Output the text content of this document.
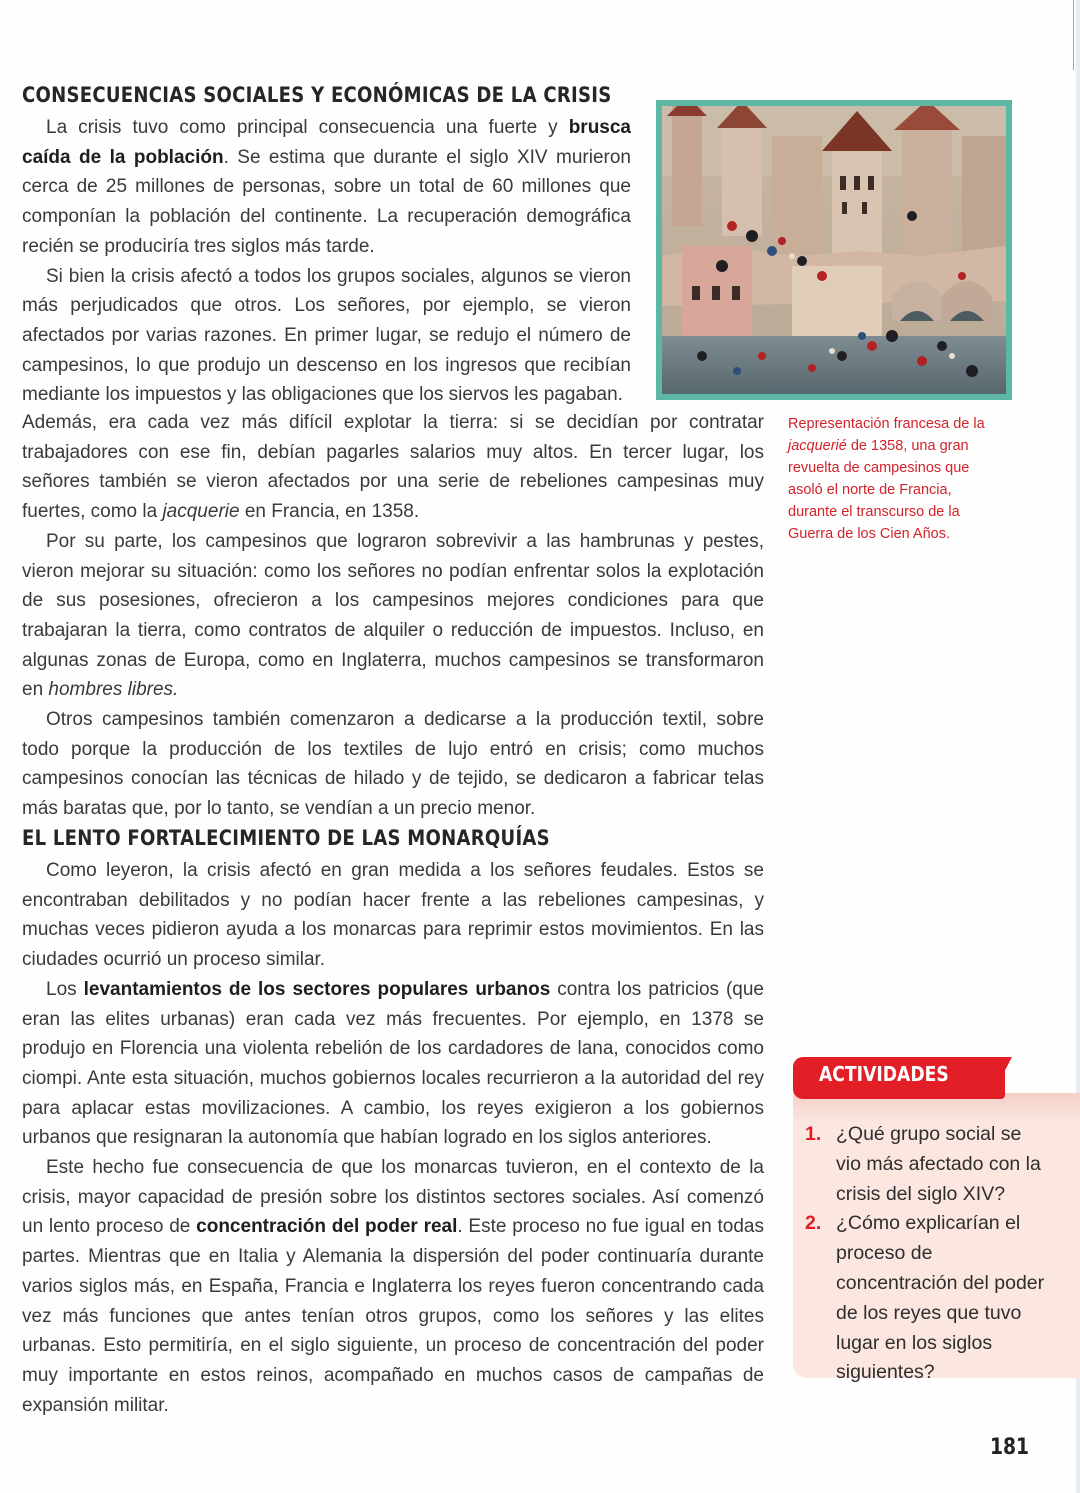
CONSECUENCIAS SOCIALES Y ECONÓMICAS DE LA CRISIS

La crisis tuvo como principal consecuencia una fuerte y brusca caída de la población. Se estima que durante el siglo XIV murieron cerca de 25 millones de personas, sobre un total de 60 millones que componían la población del continente. La recuperación demográfica recién se produciría tres siglos más tarde.

Si bien la crisis afectó a todos los grupos sociales, algunos se vieron más perjudicados que otros. Los señores, por ejemplo, se vieron afectados por varias razones. En primer lugar, se redujo el número de campesinos, lo que produjo un descenso en los ingresos que recibían mediante los impuestos y las obligaciones que los siervos les pagaban.

Además, era cada vez más difícil explotar la tierra: si se decidían por contratar trabajadores con ese fin, debían pagarles salarios muy altos. En tercer lugar, los señores también se vieron afectados por una serie de rebeliones campesinas muy fuertes, como la jacquerie en Francia, en 1358.

Por su parte, los campesinos que lograron sobrevivir a las hambrunas y pestes, vieron mejorar su situación: como los señores no podían enfrentar solos la explotación de sus posesiones, ofrecieron a los campesinos mejores condiciones para que trabajaran la tierra, como contratos de alquiler o reducción de impuestos. Incluso, en algunas zonas de Europa, como en Inglaterra, muchos campesinos se transformaron en hombres libres.

Otros campesinos también comenzaron a dedicarse a la producción textil, sobre todo porque la producción de los textiles de lujo entró en crisis; como muchos campesinos conocían las técnicas de hilado y de tejido, se dedicaron a fabricar telas más baratas que, por lo tanto, se vendían a un precio menor.

Representación francesa de la jacquerié de 1358, una gran revuelta de campesinos que asoló el norte de Francia, durante el transcurso de la Guerra de los Cien Años.

EL LENTO FORTALECIMIENTO DE LAS MONARQUÍAS

Como leyeron, la crisis afectó en gran medida a los señores feudales. Estos se encontraban debilitados y no podían hacer frente a las rebeliones campesinas, y muchas veces pidieron ayuda a los monarcas para reprimir estos movimientos. En las ciudades ocurrió un proceso similar.

Los levantamientos de los sectores populares urbanos contra los patricios (que eran las elites urbanas) eran cada vez más frecuentes. Por ejemplo, en 1378 se produjo en Florencia una violenta rebelión de los cardadores de lana, conocidos como ciompi. Ante esta situación, muchos gobiernos locales recurrieron a la autoridad del rey para aplacar estas movilizaciones. A cambio, los reyes exigieron a los gobiernos urbanos que resignaran la autonomía que habían logrado en los siglos anteriores.

Este hecho fue consecuencia de que los monarcas tuvieron, en el contexto de la crisis, mayor capacidad de presión sobre los distintos sectores sociales. Así comenzó un lento proceso de concentración del poder real. Este proceso no fue igual en todas partes. Mientras que en Italia y Alemania la dispersión del poder continuaría durante varios siglos más, en España, Francia e Inglaterra los reyes fueron concentrando cada vez más funciones que antes tenían otros grupos, como los señores y las elites urbanas. Esto permitiría, en el siglo siguiente, un proceso de concentración del poder muy importante en estos reinos, acompañado en muchos casos de campañas de expansión militar.

ACTIVIDADES
1. ¿Qué grupo social se vio más afectado con la crisis del siglo XIV?
2. ¿Cómo explicarían el proceso de concentración del poder de los reyes que tuvo lugar en los siglos siguientes?

181
